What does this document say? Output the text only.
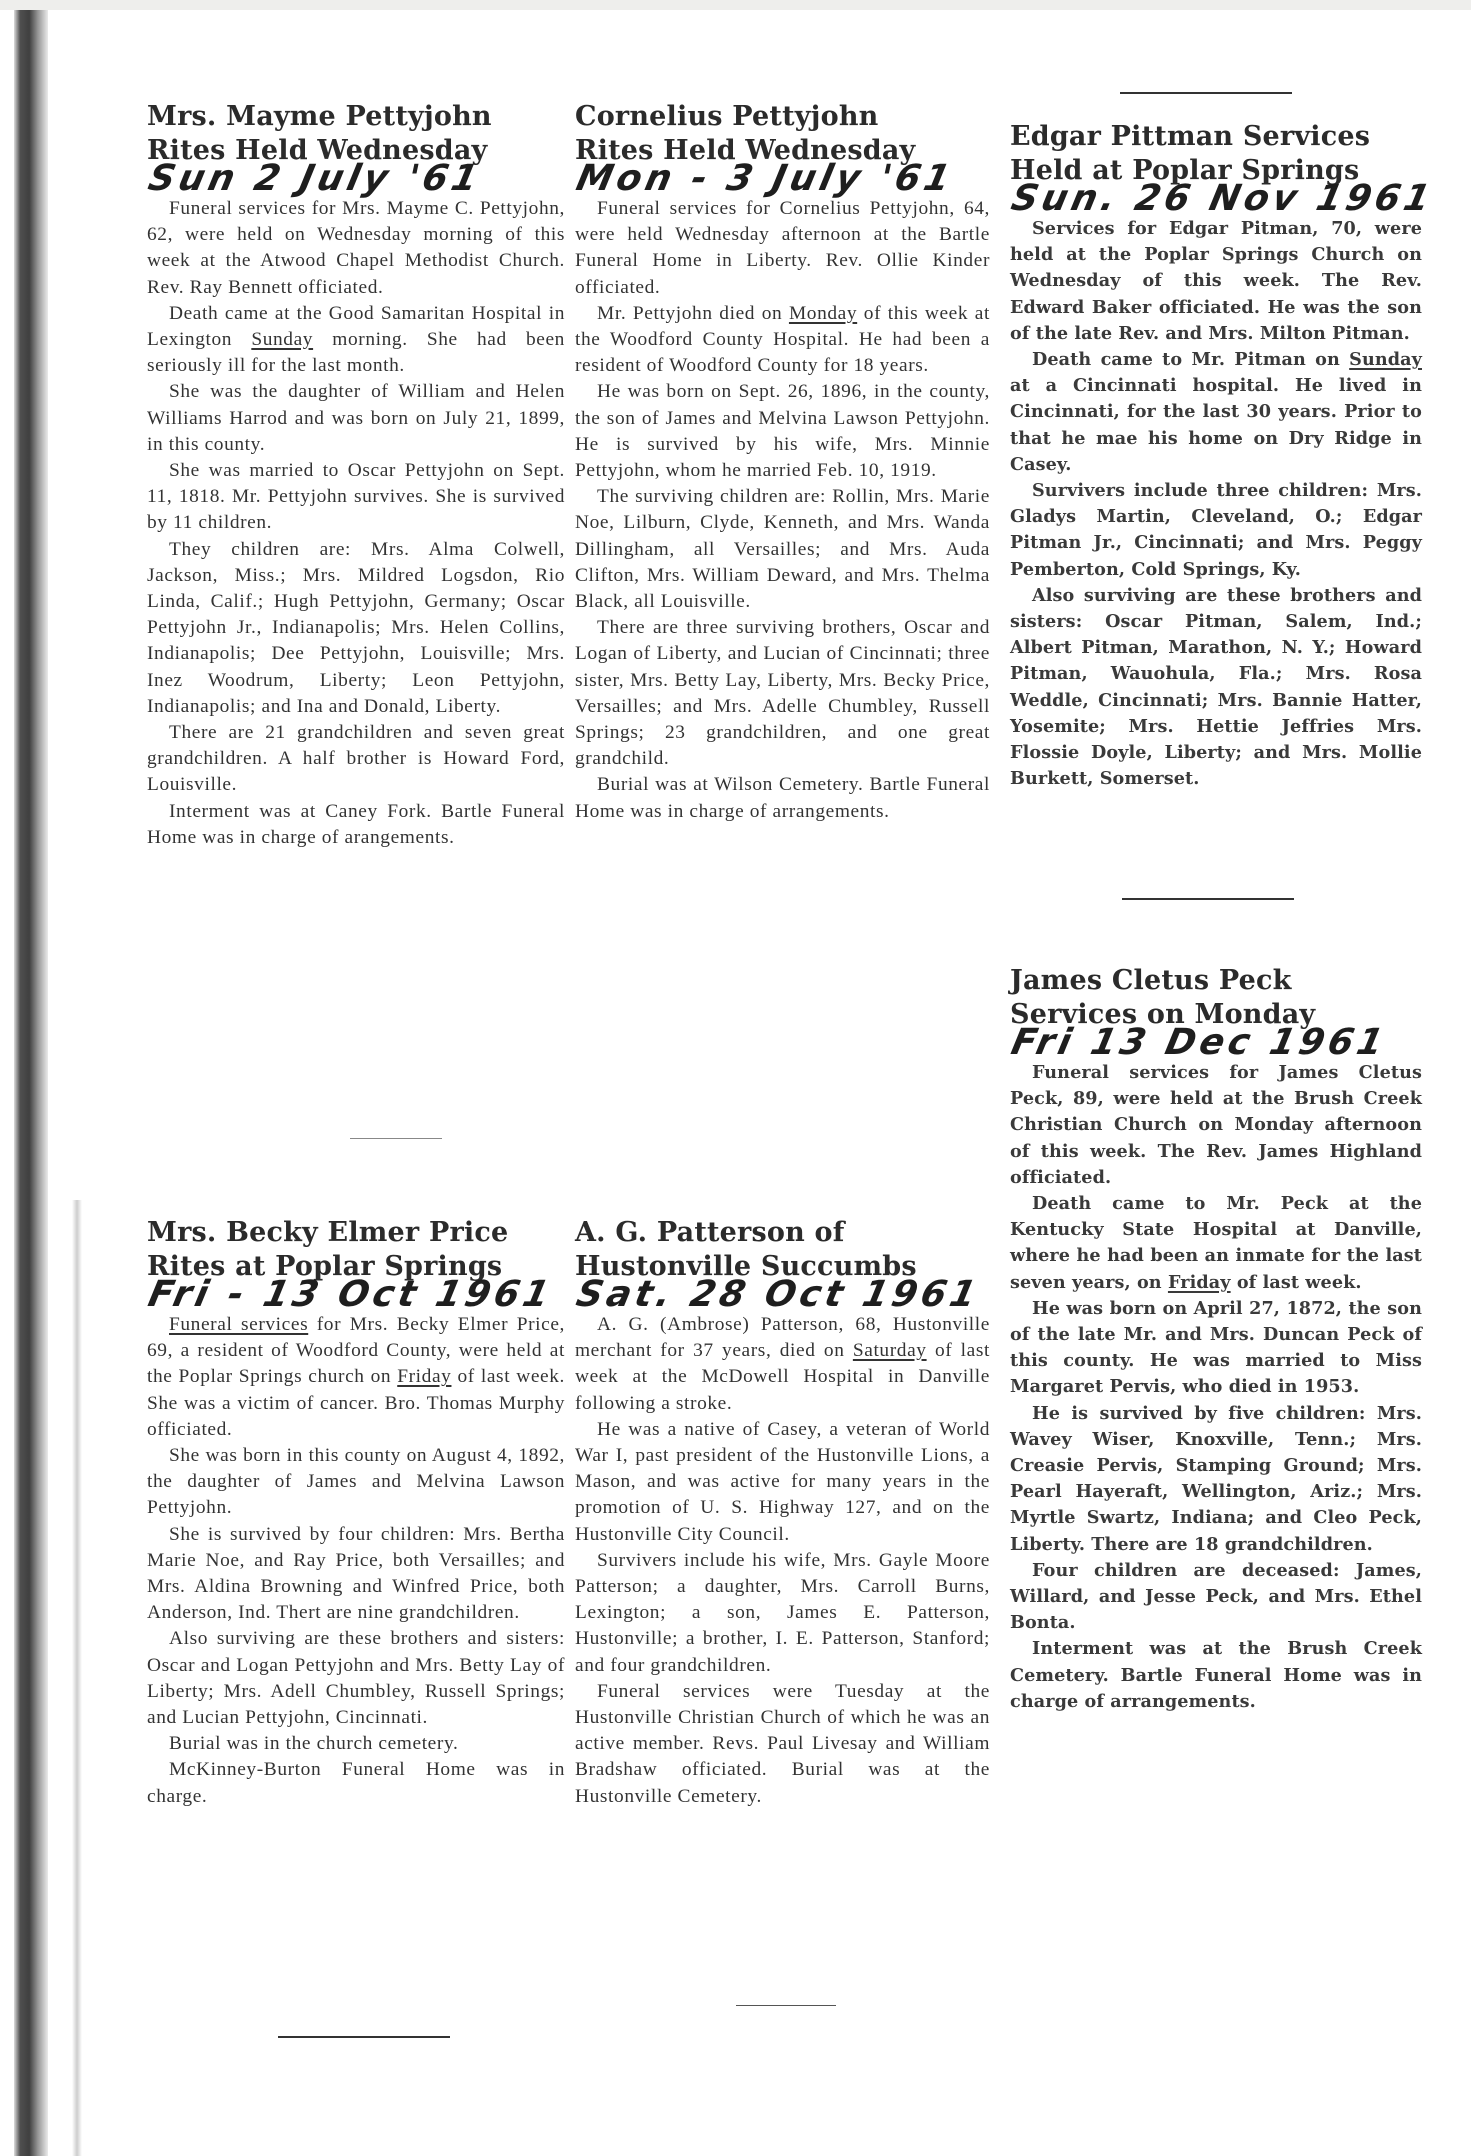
Mrs. Mayme Pettyjohn
Rites Held Wednesday
Sun 2 July '61

Funeral services for Mrs. Mayme C. Pettyjohn, 62, were held on Wednesday morning of this week at the Atwood Chapel Methodist Church. Rev. Ray Bennett officiated.

Death came at the Good Samaritan Hospital in Lexington Sunday morning. She had been seriously ill for the last month.

She was the daughter of William and Helen Williams Harrod and was born on July 21, 1899, in this county.

She was married to Oscar Pettyjohn on Sept. 11, 1818. Mr. Pettyjohn survives. She is survived by 11 children.

They children are: Mrs. Alma Colwell, Jackson, Miss.; Mrs. Mildred Logsdon, Rio Linda, Calif.; Hugh Pettyjohn, Germany; Oscar Pettyjohn Jr., Indianapolis; Mrs. Helen Collins, Indianapolis; Dee Pettyjohn, Louisville; Mrs. Inez Woodrum, Liberty; Leon Pettyjohn, Indianapolis; and Ina and Donald, Liberty.

There are 21 grandchildren and seven great grandchildren. A half brother is Howard Ford, Louisville.

Interment was at Caney Fork. Bartle Funeral Home was in charge of arangements.

Cornelius Pettyjohn
Rites Held Wednesday
Mon - 3 July '61

Funeral services for Cornelius Pettyjohn, 64, were held Wednesday afternoon at the Bartle Funeral Home in Liberty. Rev. Ollie Kinder officiated.

Mr. Pettyjohn died on Monday of this week at the Woodford County Hospital. He had been a resident of Woodford County for 18 years.

He was born on Sept. 26, 1896, in the county, the son of James and Melvina Lawson Pettyjohn. He is survived by his wife, Mrs. Minnie Pettyjohn, whom he married Feb. 10, 1919.

The surviving children are: Rollin, Mrs. Marie Noe, Lilburn, Clyde, Kenneth, and Mrs. Wanda Dillingham, all Versailles; and Mrs. Auda Clifton, Mrs. William Deward, and Mrs. Thelma Black, all Louisville.

There are three surviving brothers, Oscar and Logan of Liberty, and Lucian of Cincinnati; three sister, Mrs. Betty Lay, Liberty, Mrs. Becky Price, Versailles; and Mrs. Adelle Chumbley, Russell Springs; 23 grandchildren, and one great grandchild.

Burial was at Wilson Cemetery. Bartle Funeral Home was in charge of arrangements.

Edgar Pittman Services
Held at Poplar Springs
Sun. 26 Nov 1961

Services for Edgar Pitman, 70, were held at the Poplar Springs Church on Wednesday of this week. The Rev. Edward Baker officiated. He was the son of the late Rev. and Mrs. Milton Pitman.

Death came to Mr. Pitman on Sunday at a Cincinnati hospital. He lived in Cincinnati, for the last 30 years. Prior to that he mae his home on Dry Ridge in Casey.

Survivers include three children: Mrs. Gladys Martin, Cleveland, O.; Edgar Pitman Jr., Cincinnati; and Mrs. Peggy Pemberton, Cold Springs, Ky.

Also surviving are these brothers and sisters: Oscar Pitman, Salem, Ind.; Albert Pitman, Marathon, N. Y.; Howard Pitman, Wauohula, Fla.; Mrs. Rosa Weddle, Cincinnati; Mrs. Bannie Hatter, Yosemite; Mrs. Hettie Jeffries Mrs. Flossie Doyle, Liberty; and Mrs. Mollie Burkett, Somerset.

James Cletus Peck
Services on Monday
Fri 13 Dec 1961

Funeral services for James Cletus Peck, 89, were held at the Brush Creek Christian Church on Monday afternoon of this week. The Rev. James Highland officiated.

Death came to Mr. Peck at the Kentucky State Hospital at Danville, where he had been an inmate for the last seven years, on Friday of last week.

He was born on April 27, 1872, the son of the late Mr. and Mrs. Duncan Peck of this county. He was married to Miss Margaret Pervis, who died in 1953.

He is survived by five children: Mrs. Wavey Wiser, Knoxville, Tenn.; Mrs. Creasie Pervis, Stamping Ground; Mrs. Pearl Hayeraft, Wellington, Ariz.; Mrs. Myrtle Swartz, Indiana; and Cleo Peck, Liberty. There are 18 grandchildren.

Four children are deceased: James, Willard, and Jesse Peck, and Mrs. Ethel Bonta.

Interment was at the Brush Creek Cemetery. Bartle Funeral Home was in charge of arrangements.

Mrs. Becky Elmer Price
Rites at Poplar Springs
Fri - 13 Oct 1961

Funeral services for Mrs. Becky Elmer Price, 69, a resident of Woodford County, were held at the Poplar Springs church on Friday of last week. She was a victim of cancer. Bro. Thomas Murphy officiated.

She was born in this county on August 4, 1892, the daughter of James and Melvina Lawson Pettyjohn.

She is survived by four children: Mrs. Bertha Marie Noe, and Ray Price, both Versailles; and Mrs. Aldina Browning and Winfred Price, both Anderson, Ind. Thert are nine grandchildren.

Also surviving are these brothers and sisters: Oscar and Logan Pettyjohn and Mrs. Betty Lay of Liberty; Mrs. Adell Chumbley, Russell Springs; and Lucian Pettyjohn, Cincinnati.

Burial was in the church cemetery.

McKinney-Burton Funeral Home was in charge.

A. G. Patterson of
Hustonville Succumbs
Sat. 28 Oct 1961

A. G. (Ambrose) Patterson, 68, Hustonville merchant for 37 years, died on Saturday of last week at the McDowell Hospital in Danville following a stroke.

He was a native of Casey, a veteran of World War I, past president of the Hustonville Lions, a Mason, and was active for many years in the promotion of U. S. Highway 127, and on the Hustonville City Council.

Survivers include his wife, Mrs. Gayle Moore Patterson; a daughter, Mrs. Carroll Burns, Lexington; a son, James E. Patterson, Hustonville; a brother, I. E. Patterson, Stanford; and four grandchildren.

Funeral services were Tuesday at the Hustonville Christian Church of which he was an active member. Revs. Paul Livesay and William Bradshaw officiated. Burial was at the Hustonville Cemetery.
